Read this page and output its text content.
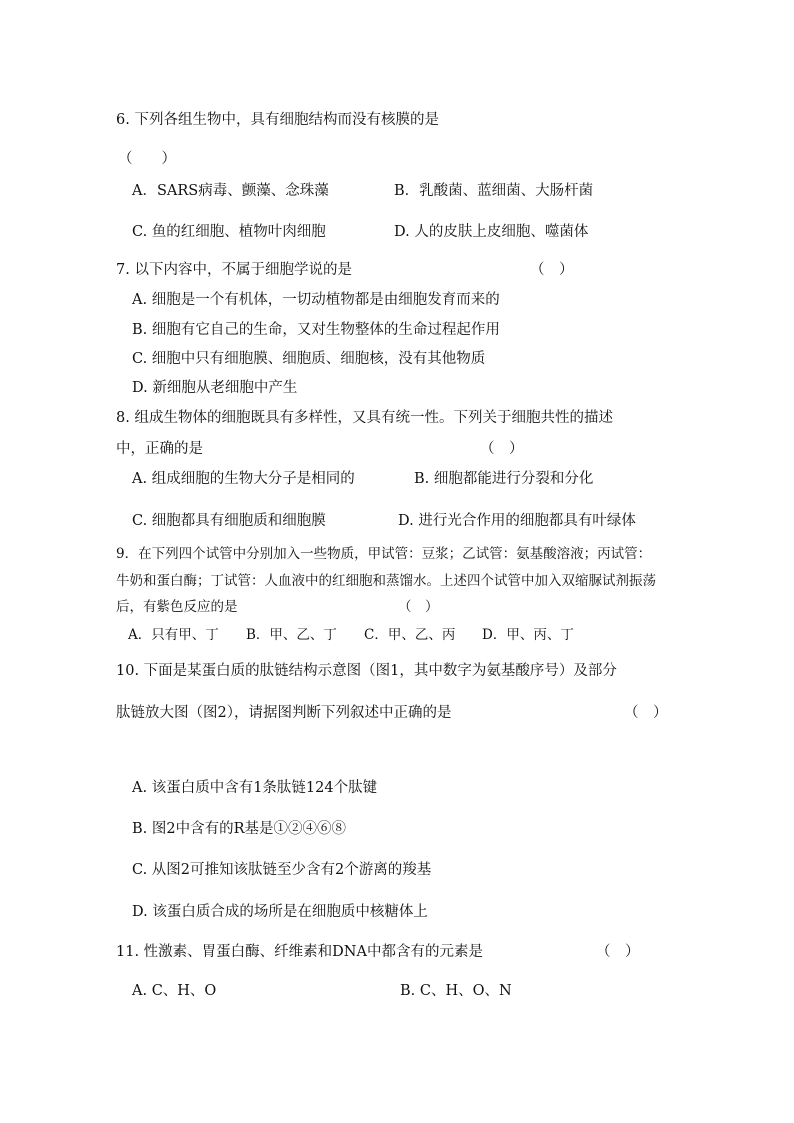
6. 下列各组生物中，具有细胞结构而没有核膜的是
（　　）
A．SARS病毒、颤藻、念珠藻	B．乳酸菌、蓝细菌、大肠杆菌
C. 鱼的红细胞、植物叶肉细胞	D. 人的皮肤上皮细胞、噬菌体
7. 以下内容中，不属于细胞学说的是	（　）
A. 细胞是一个有机体，一切动植物都是由细胞发育而来的
B. 细胞有它自己的生命，又对生物整体的生命过程起作用
C. 细胞中只有细胞膜、细胞质、细胞核，没有其他物质
D. 新细胞从老细胞中产生
8. 组成生物体的细胞既具有多样性，又具有统一性。下列关于细胞共性的描述
中，正确的是	（　）
A. 组成细胞的生物大分子是相同的	B. 细胞都能进行分裂和分化
C. 细胞都具有细胞质和细胞膜	D. 进行光合作用的细胞都具有叶绿体
9．在下列四个试管中分别加入一些物质，甲试管：豆浆；乙试管：氨基酸溶液；丙试管：
牛奶和蛋白酶；丁试管：人血液中的红细胞和蒸馏水。上述四个试管中加入双缩脲试剂振荡
后，有紫色反应的是	（　）
A．只有甲、丁 B．甲、乙、丁 C．甲、乙、丙 D．甲、丙、丁
10. 下面是某蛋白质的肽链结构示意图（图1，其中数字为氨基酸序号）及部分
肽链放大图（图2），请据图判断下列叙述中正确的是	（　）
A. 该蛋白质中含有1条肽链124个肽键
B. 图2中含有的R基是①②④⑥⑧
C. 从图2可推知该肽链至少含有2个游离的羧基
D. 该蛋白质合成的场所是在细胞质中核糖体上
11. 性激素、胃蛋白酶、纤维素和DNA中都含有的元素是	（　）
A. C、H、O	B. C、H、O、N
